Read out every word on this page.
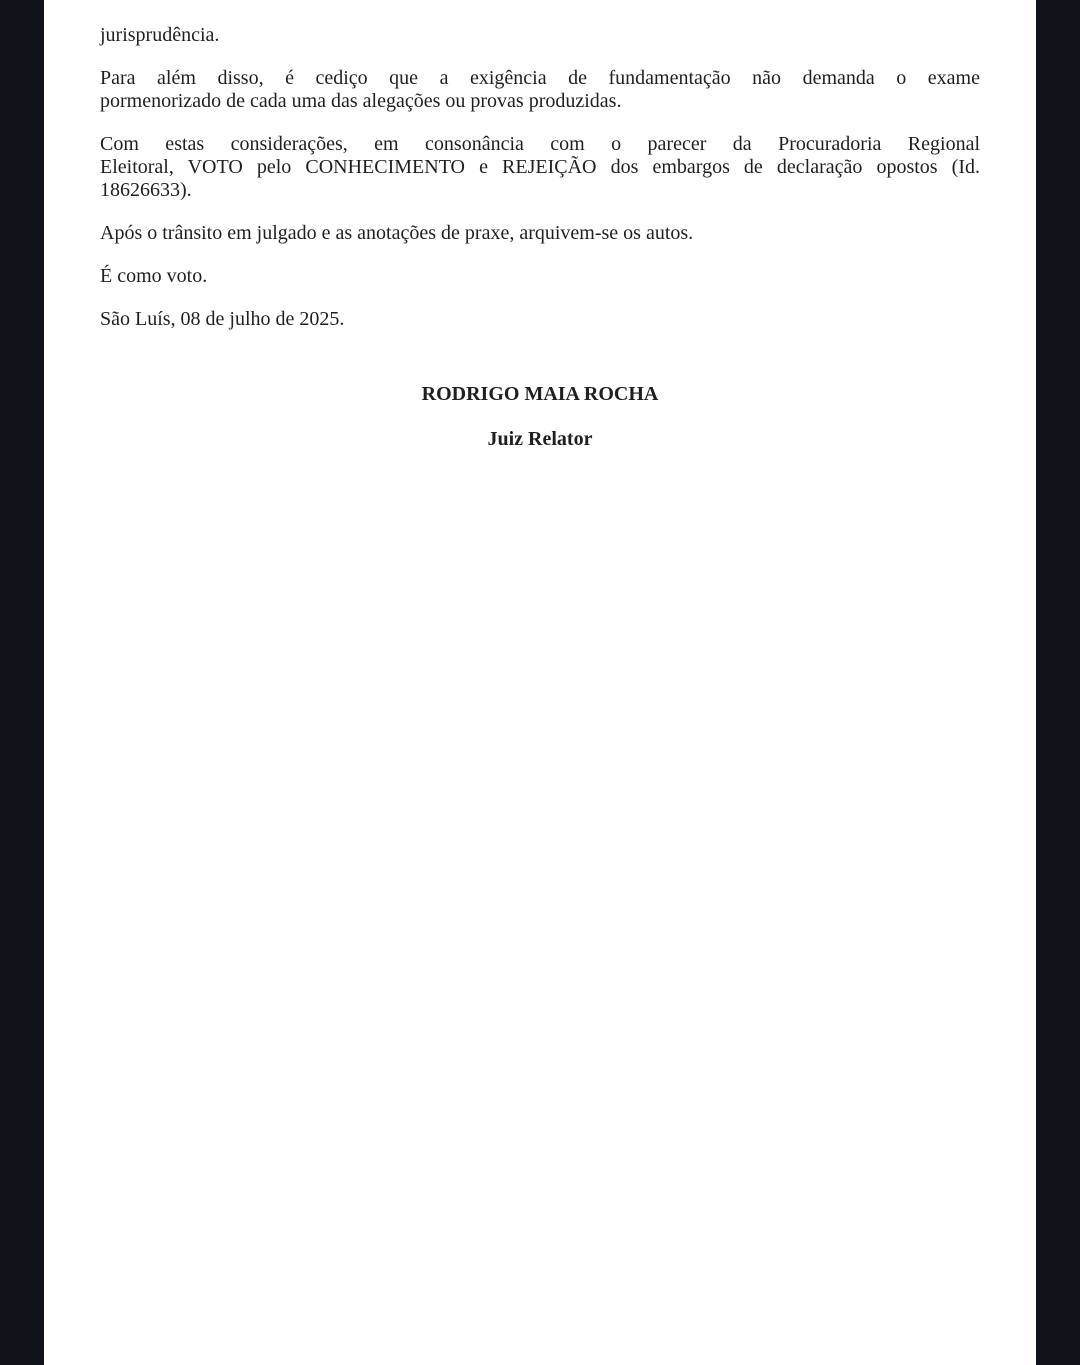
jurisprudência.
Para além disso, é cediço que a exigência de fundamentação não demanda o exame
pormenorizado de cada uma das alegações ou provas produzidas.
Com estas considerações, em consonância com o parecer da Procuradoria Regional
Eleitoral, VOTO pelo CONHECIMENTO e REJEIÇÃO dos embargos de declaração opostos (Id.
18626633).
Após o trânsito em julgado e as anotações de praxe, arquivem-se os autos.
É como voto.
São Luís, 08 de julho de 2025.
RODRIGO MAIA ROCHA
Juiz Relator
